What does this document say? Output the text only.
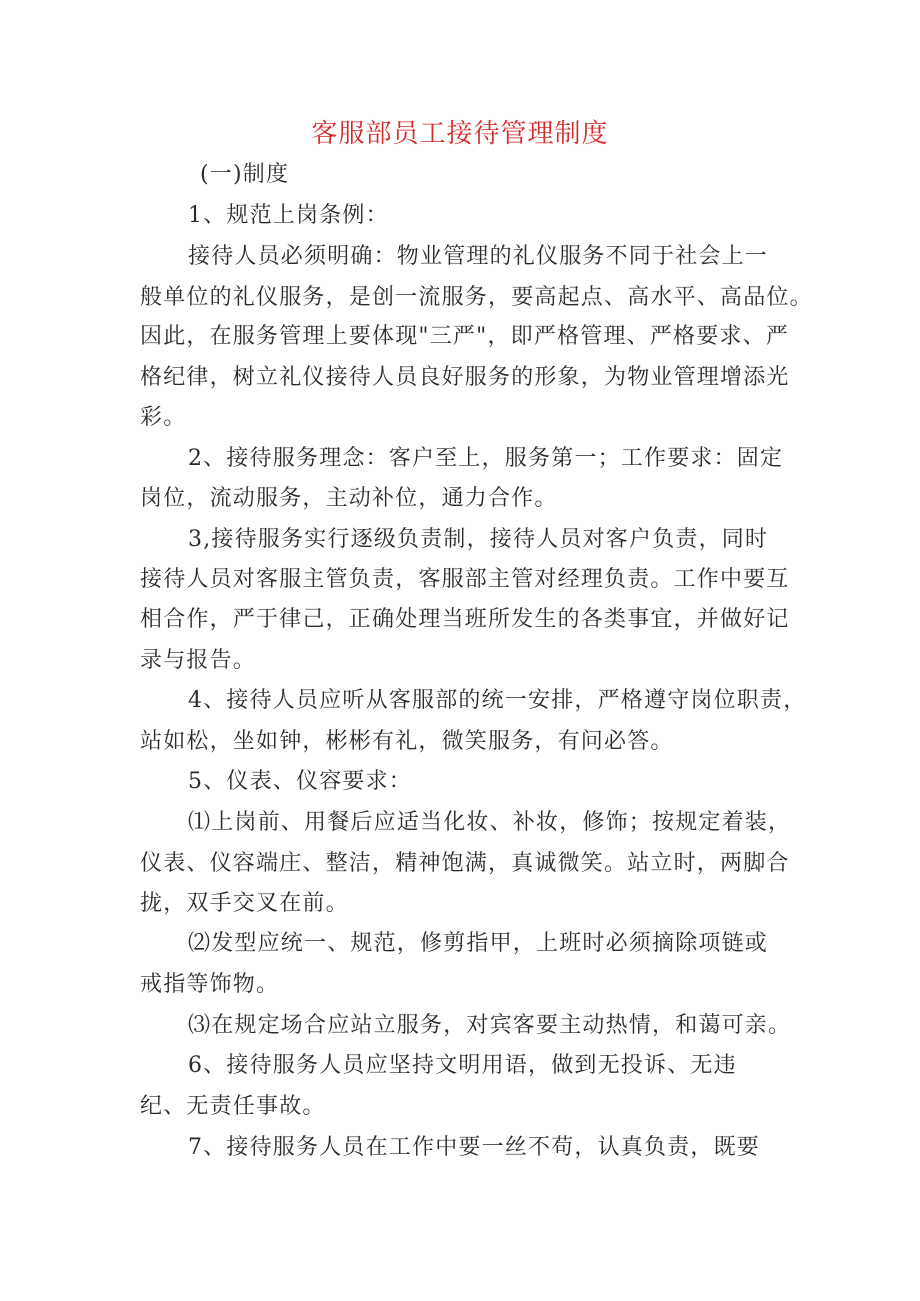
客服部员工接待管理制度
(一)制度
1、规范上岗条例：
接待人员必须明确：物业管理的礼仪服务不同于社会上一
般单位的礼仪服务，是创一流服务，要高起点、高水平、高品位。
因此，在服务管理上要体现"三严"，即严格管理、严格要求、严
格纪律，树立礼仪接待人员良好服务的形象，为物业管理增添光
彩。
2、接待服务理念：客户至上，服务第一；工作要求：固定
岗位，流动服务，主动补位，通力合作。
3,接待服务实行逐级负责制，接待人员对客户负责，同时
接待人员对客服主管负责，客服部主管对经理负责。工作中要互
相合作，严于律己，正确处理当班所发生的各类事宜，并做好记
录与报告。
4、接待人员应听从客服部的统一安排，严格遵守岗位职责，
站如松，坐如钟，彬彬有礼，微笑服务，有问必答。
5、仪表、仪容要求：
⑴上岗前、用餐后应适当化妆、补妆，修饰；按规定着装，
仪表、仪容端庄、整洁，精神饱满，真诚微笑。站立时，两脚合
拢，双手交叉在前。
⑵发型应统一、规范，修剪指甲，上班时必须摘除项链或
戒指等饰物。
⑶在规定场合应站立服务，对宾客要主动热情，和蔼可亲。
6、接待服务人员应坚持文明用语，做到无投诉、无违
纪、无责任事故。
7、接待服务人员在工作中要一丝不苟，认真负责，既要
